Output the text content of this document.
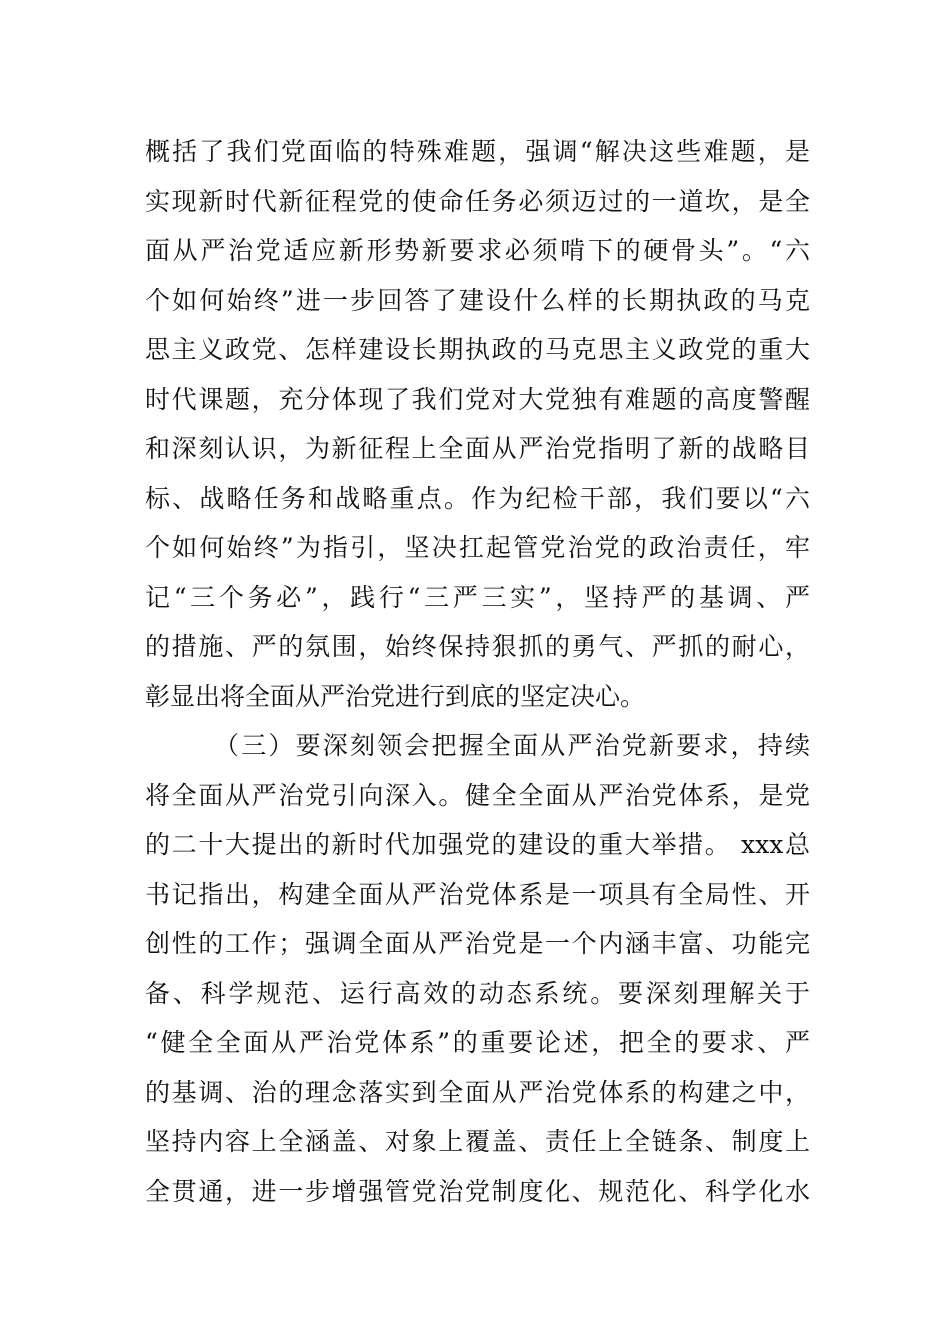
概括了我们党面临的特殊难题，强调“解决这些难题，是
实现新时代新征程党的使命任务必须迈过的一道坎，是全
面从严治党适应新形势新要求必须啃下的硬骨头”。“六
个如何始终”进一步回答了建设什么样的长期执政的马克
思主义政党、怎样建设长期执政的马克思主义政党的重大
时代课题，充分体现了我们党对大党独有难题的高度警醒
和深刻认识，为新征程上全面从严治党指明了新的战略目
标、战略任务和战略重点。作为纪检干部，我们要以“六
个如何始终”为指引，坚决扛起管党治党的政治责任，牢
记“三个务必”，践行“三严三实”，坚持严的基调、严
的措施、严的氛围，始终保持狠抓的勇气、严抓的耐心，
彰显出将全面从严治党进行到底的坚定决心。
（三）要深刻领会把握全面从严治党新要求，持续
将全面从严治党引向深入。健全全面从严治党体系，是党
的二十大提出的新时代加强党的建设的重大举措。 xxx总
书记指出，构建全面从严治党体系是一项具有全局性、开
创性的工作；强调全面从严治党是一个内涵丰富、功能完
备、科学规范、运行高效的动态系统。要深刻理解关于
“健全全面从严治党体系”的重要论述，把全的要求、严
的基调、治的理念落实到全面从严治党体系的构建之中，
坚持内容上全涵盖、对象上覆盖、责任上全链条、制度上
全贯通，进一步增强管党治党制度化、规范化、科学化水
